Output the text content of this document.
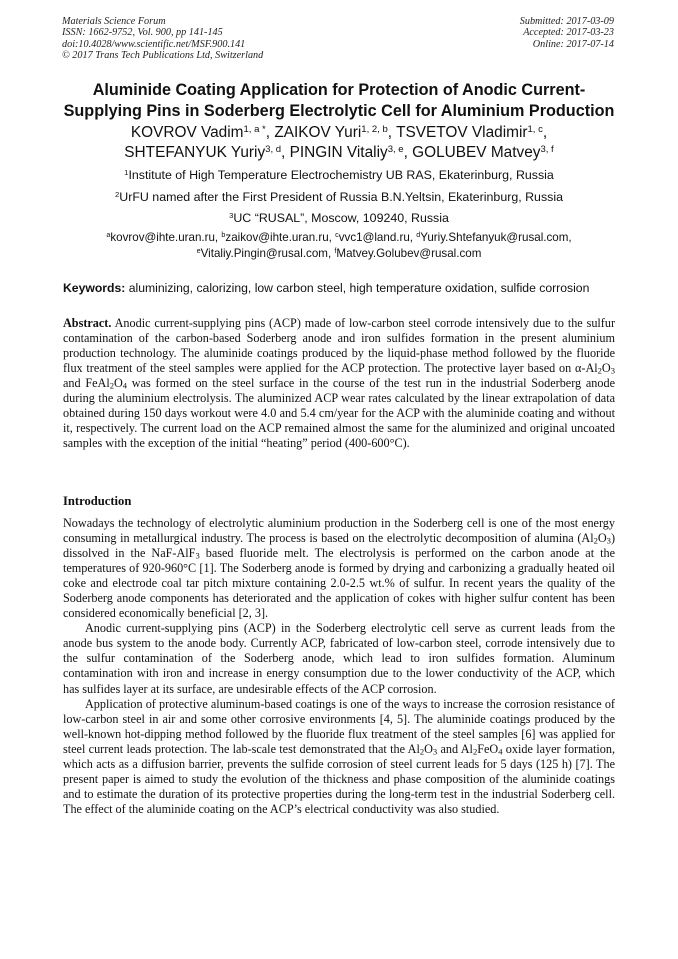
Materials Science Forum
ISSN: 1662-9752, Vol. 900, pp 141-145
doi:10.4028/www.scientific.net/MSF.900.141
© 2017 Trans Tech Publications Ltd, Switzerland
Submitted: 2017-03-09
Accepted: 2017-03-23
Online: 2017-07-14
Aluminide Coating Application for Protection of Anodic Current-
Supplying Pins in Soderberg Electrolytic Cell for Aluminium Production
KOVROV Vadim$^{1, a *}$, ZAIKOV Yuri$^{1, 2, b}$, TSVETOV Vladimir$^{1, c}$,
SHTEFANYUK Yuriy$^{3, d}$, PINGIN Vitaliy$^{3, e}$, GOLUBEV Matvey$^{3, f}$
$^1$Institute of High Temperature Electrochemistry UB RAS, Ekaterinburg, Russia
$^2$UrFU named after the First President of Russia B.N.Yeltsin, Ekaterinburg, Russia
$^3$UC “RUSAL”, Moscow, 109240, Russia
$^a$kovrov@ihte.uran.ru, $^b$zaikov@ihte.uran.ru, $^c$vvc1@land.ru, $^d$Yuriy.Shtefanyuk@rusal.com,
$^e$Vitaliy.Pingin@rusal.com, $^f$Matvey.Golubev@rusal.com
Keywords: aluminizing, calorizing, low carbon steel, high temperature oxidation, sulfide corrosion
Abstract. Anodic current-supplying pins (ACP) made of low-carbon steel corrode intensively due to the sulfur contamination of the carbon-based Soderberg anode and iron sulfides formation in the present aluminium production technology. The aluminide coatings produced by the liquid-phase method followed by the fluoride flux treatment of the steel samples were applied for the ACP protection. The protective layer based on $\alpha-Al_2O_3$ and $FeAl_2O_4$ was formed on the steel surface in the course of the test run in the industrial Soderberg anode during the aluminium electrolysis. The aluminized ACP wear rates calculated by the linear extrapolation of data obtained during 150 days workout were 4.0 and 5.4 cm/year for the ACP with the aluminide coating and without it, respectively. The current load on the ACP remained almost the same for the aluminized and original uncoated samples with the exception of the initial “heating” period (400-600°C).
Introduction

Nowadays the technology of electrolytic aluminium production in the Soderberg cell is one of the most energy consuming in metallurgical industry. The process is based on the electrolytic decomposition of alumina $(Al_2O_3)$ dissolved in the NaF-AlF$_3$ based fluoride melt. The electrolysis is performed on the carbon anode at the temperatures of 920-960°C [1]. The Soderberg anode is formed by drying and carbonizing a gradually heated oil coke and electrode coal tar pitch mixture containing 2.0-2.5 wt.% of sulfur. In recent years the quality of the Soderberg anode components has deteriorated and the application of cokes with higher sulfur content has been considered economically beneficial [2, 3].

Anodic current-supplying pins (ACP) in the Soderberg electrolytic cell serve as current leads from the anode bus system to the anode body. Currently ACP, fabricated of low-carbon steel, corrode intensively due to the sulfur contamination of the Soderberg anode, which lead to iron sulfides formation. Aluminum contamination with iron and increase in energy consumption due to the lower conductivity of the ACP, which has sulfides layer at its surface, are undesirable effects of the ACP corrosion.

Application of protective aluminum-based coatings is one of the ways to increase the corrosion resistance of low-carbon steel in air and some other corrosive environments [4, 5]. The aluminide coatings produced by the well-known hot-dipping method followed by the fluoride flux treatment of the steel samples [6] was applied for steel current leads protection. The lab-scale test demonstrated that the $Al_2O_3$ and $Al_2FeO_4$ oxide layer formation, which acts as a diffusion barrier, prevents the sulfide corrosion of steel current leads for 5 days (125 h) [7]. The present paper is aimed to study the evolution of the thickness and phase composition of the aluminide coatings and to estimate the duration of its protective properties during the long-term test in the industrial Soderberg cell. The effect of the aluminide coating on the ACP’s electrical conductivity was also studied.
